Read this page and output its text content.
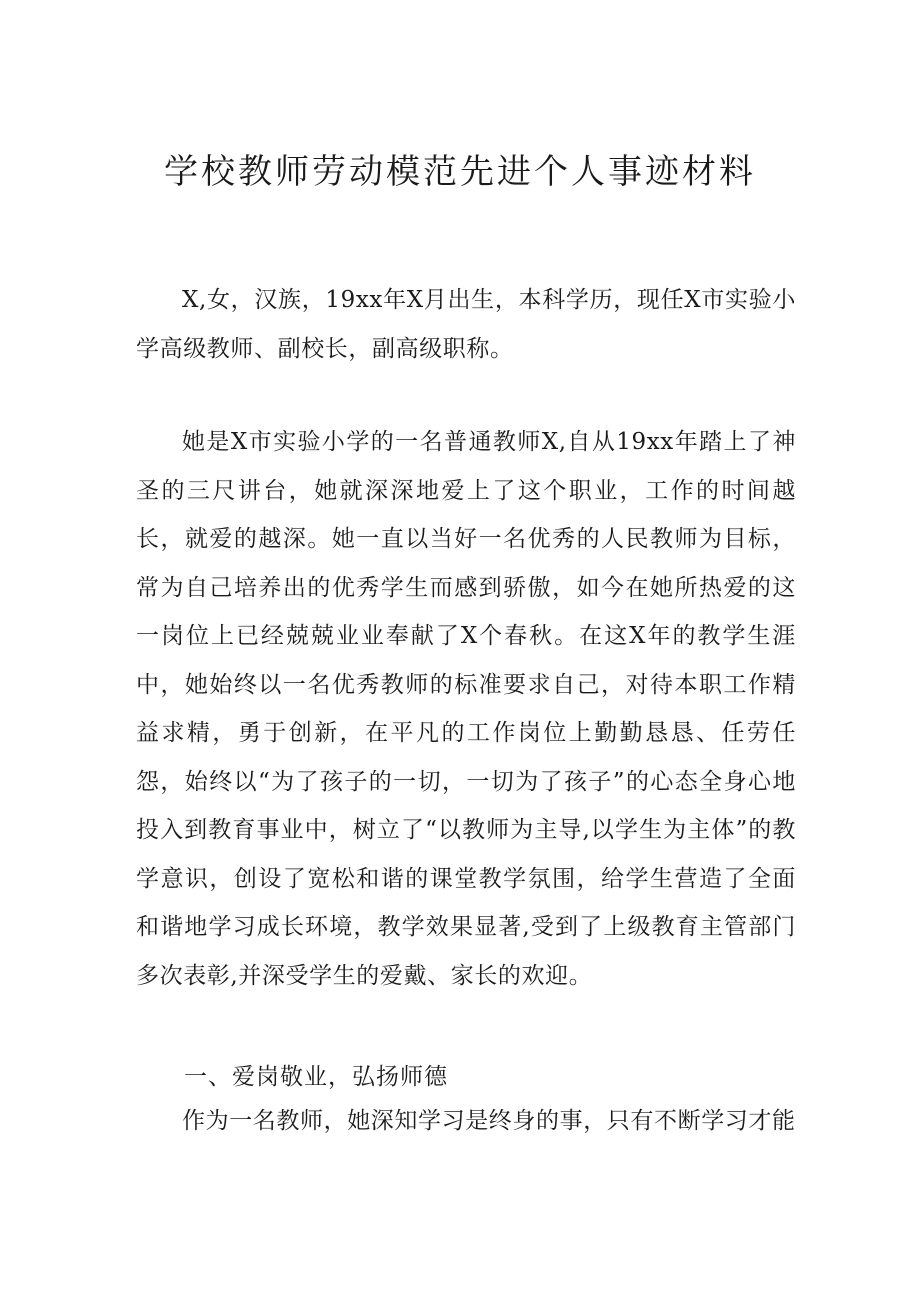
学校教师劳动模范先进个人事迹材料

X,女，汉族，19xx年X月出生，本科学历，现任X市实验小学高级教师、副校长，副高级职称。

她是X市实验小学的一名普通教师X,自从19xx年踏上了神圣的三尺讲台，她就深深地爱上了这个职业，工作的时间越长，就爱的越深。她一直以当好一名优秀的人民教师为目标，常为自己培养出的优秀学生而感到骄傲，如今在她所热爱的这一岗位上已经兢兢业业奉献了X个春秋。在这X年的教学生涯中，她始终以一名优秀教师的标准要求自己，对待本职工作精益求精，勇于创新，在平凡的工作岗位上勤勤恳恳、任劳任怨，始终以“为了孩子的一切，一切为了孩子”的心态全身心地投入到教育事业中，树立了“以教师为主导,以学生为主体”的教学意识，创设了宽松和谐的课堂教学氛围，给学生营造了全面和谐地学习成长环境，教学效果显著,受到了上级教育主管部门多次表彰,并深受学生的爱戴、家长的欢迎。

一、爱岗敬业，弘扬师德

作为一名教师，她深知学习是终身的事，只有不断学习才能
